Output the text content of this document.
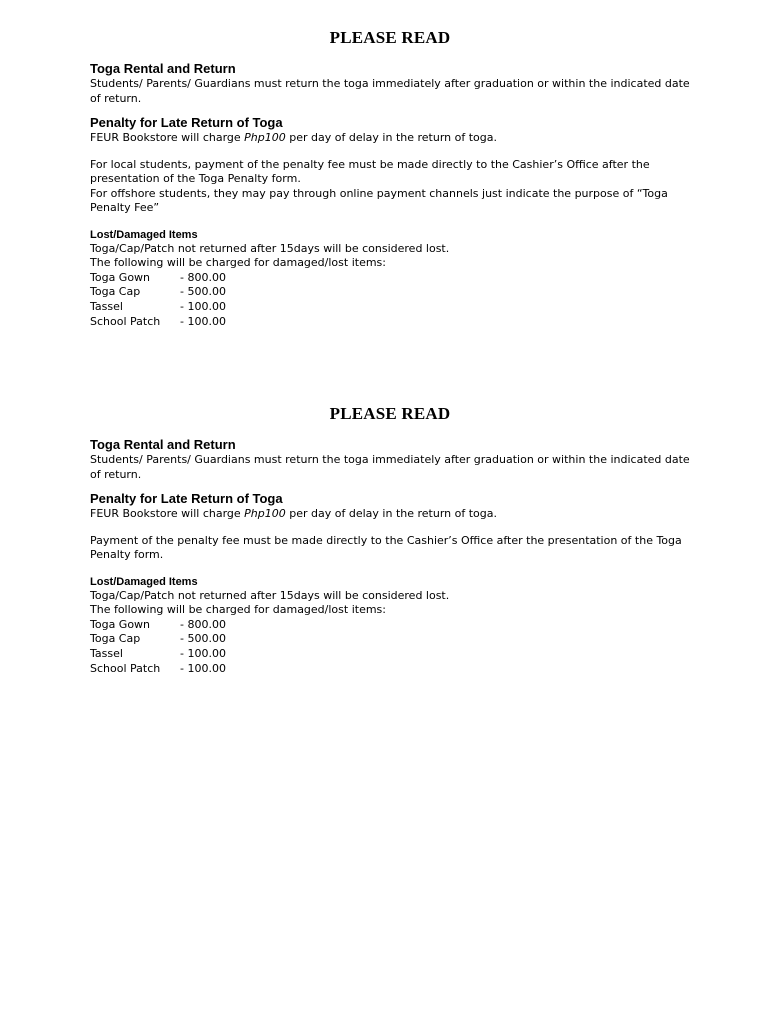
PLEASE READ
Toga Rental and Return

Students/ Parents/ Guardians must return the toga immediately after graduation or within the indicated date of return.

Penalty for Late Return of Toga

FEUR Bookstore will charge Php100 per day of delay in the return of toga.

For local students, payment of the penalty fee must be made directly to the Cashier’s Office after the presentation of the Toga Penalty form.

For offshore students, they may pay through online payment channels just indicate the purpose of “Toga Penalty Fee”

Lost/Damaged Items

Toga/Cap/Patch not returned after 15days will be considered lost.

The following will be charged for damaged/lost items:

Toga Gown	- 800.00
Toga Cap	- 500.00
Tassel	- 100.00
School Patch	- 100.00
PLEASE READ
Toga Rental and Return

Students/ Parents/ Guardians must return the toga immediately after graduation or within the indicated date of return.

Penalty for Late Return of Toga

FEUR Bookstore will charge Php100 per day of delay in the return of toga.

Payment of the penalty fee must be made directly to the Cashier’s Office after the presentation of the Toga Penalty form.

Lost/Damaged Items

Toga/Cap/Patch not returned after 15days will be considered lost.

The following will be charged for damaged/lost items:

Toga Gown	- 800.00
Toga Cap	- 500.00
Tassel	- 100.00
School Patch	- 100.00
